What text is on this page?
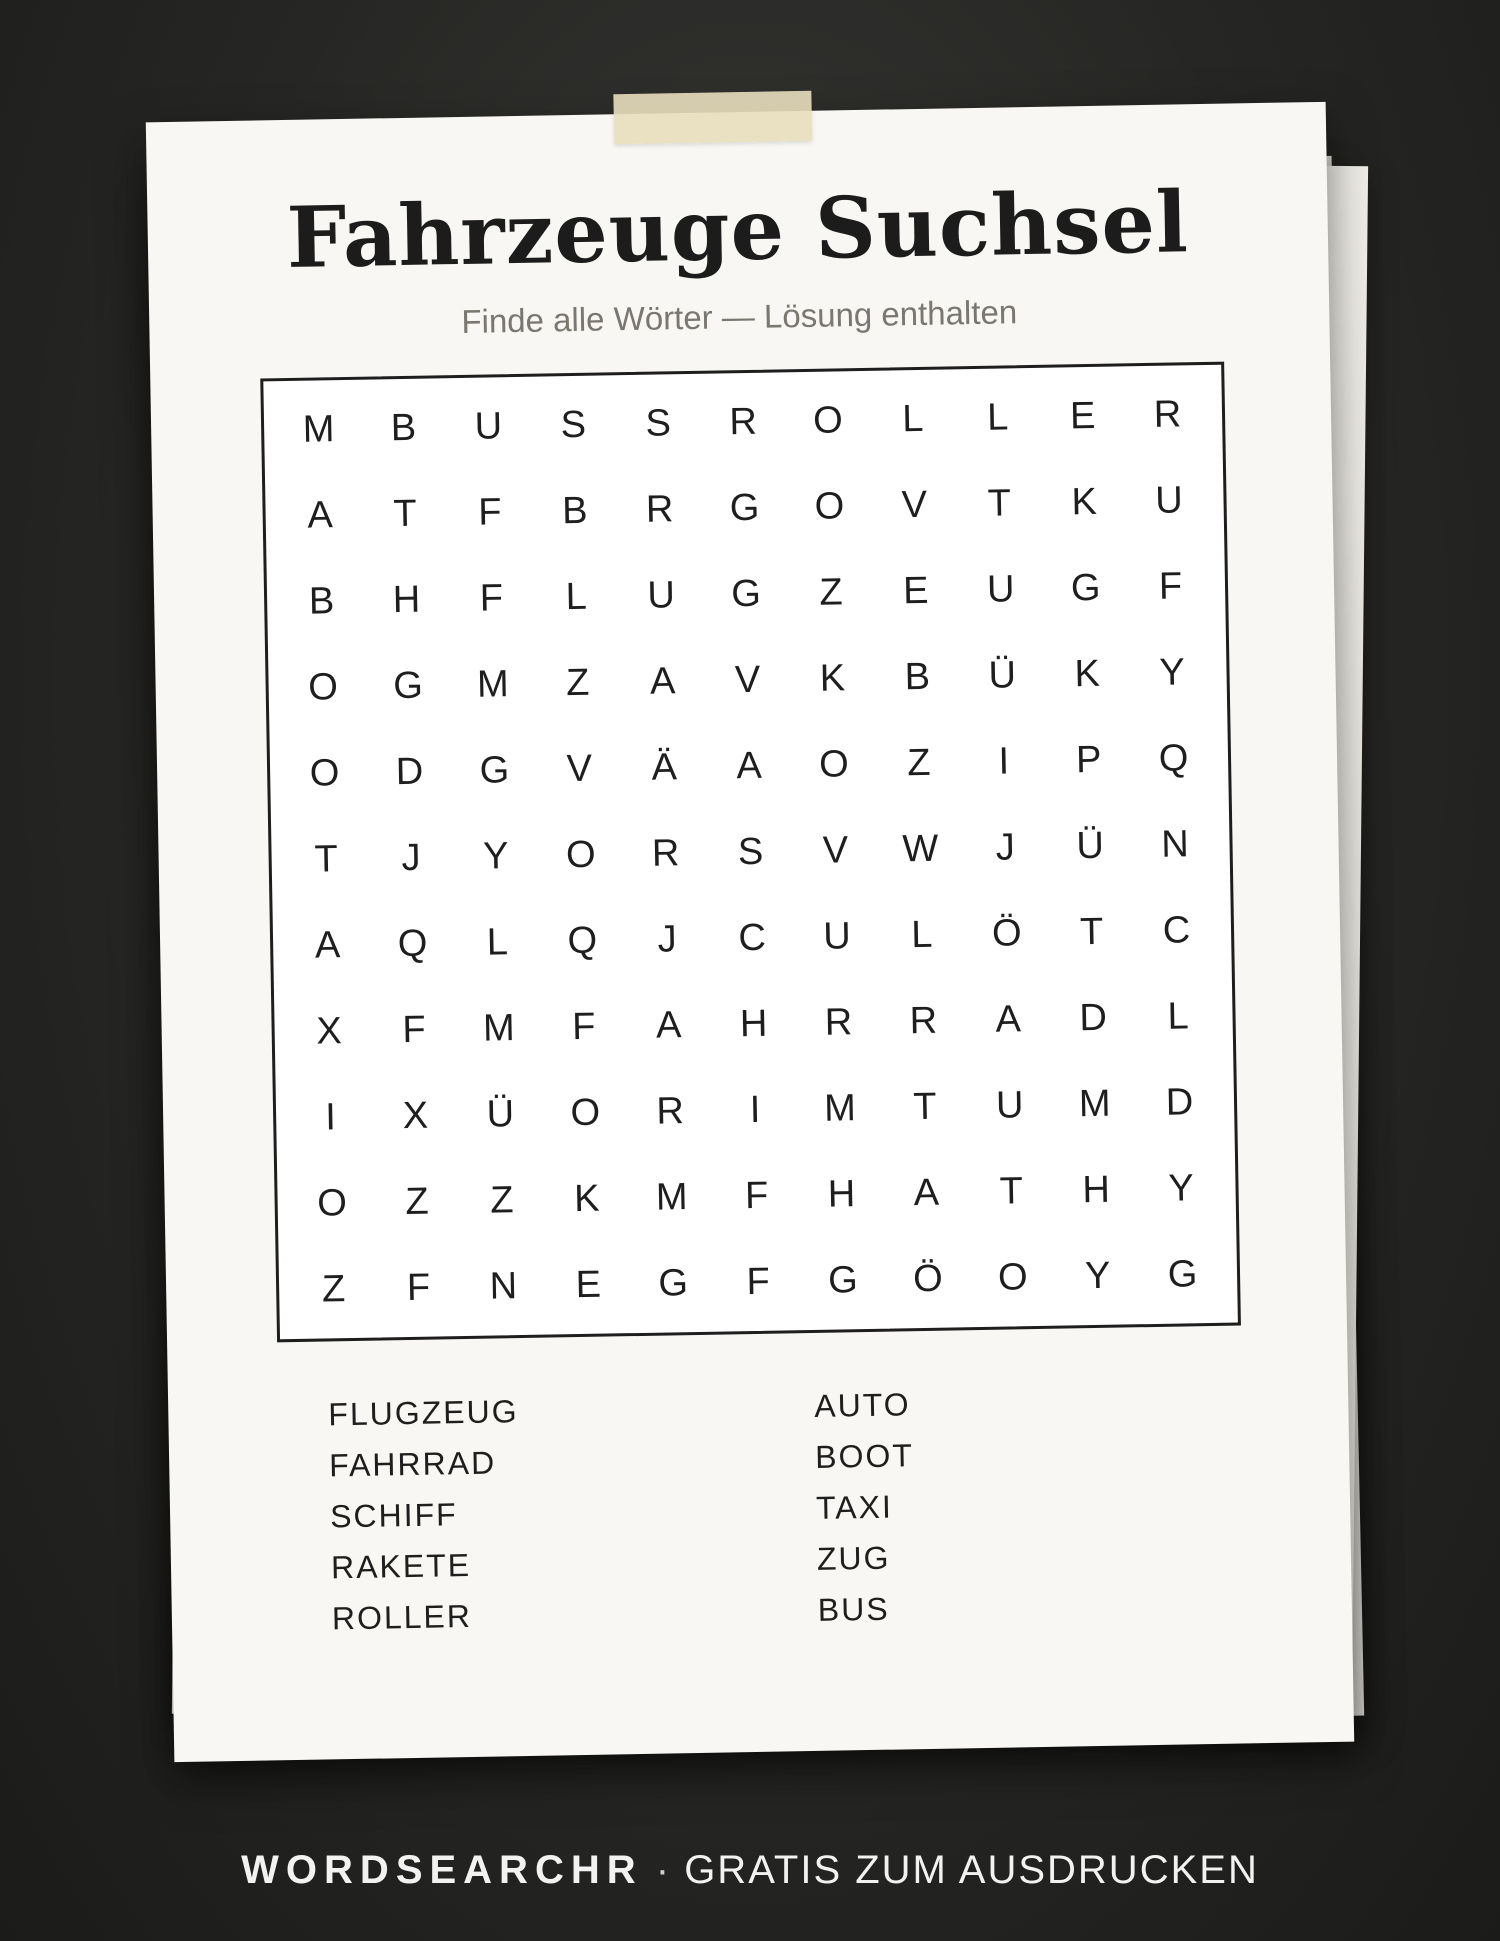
Fahrzeuge Suchsel
Finde alle Wörter — Lösung enthalten
M	B	U	S	S	R	O	L	L	E	R
A	T	F	B	R	G	O	V	T	K	U
B	H	F	L	U	G	Z	E	U	G	F
O	G	M	Z	A	V	K	B	Ü	K	Y
O	D	G	V	Ä	A	O	Z	I	P	Q
T	J	Y	O	R	S	V	W	J	Ü	N
A	Q	L	Q	J	C	U	L	Ö	T	C
X	F	M	F	A	H	R	R	A	D	L
I	X	Ü	O	R	I	M	T	U	M	D
O	Z	Z	K	M	F	H	A	T	H	Y
Z	F	N	E	G	F	G	Ö	O	Y	G
FLUGZEUG
FAHRRAD
SCHIFF
RAKETE
ROLLER
AUTO
BOOT
TAXI
ZUG
BUS
WORDSEARCHR · GRATIS ZUM AUSDRUCKEN
